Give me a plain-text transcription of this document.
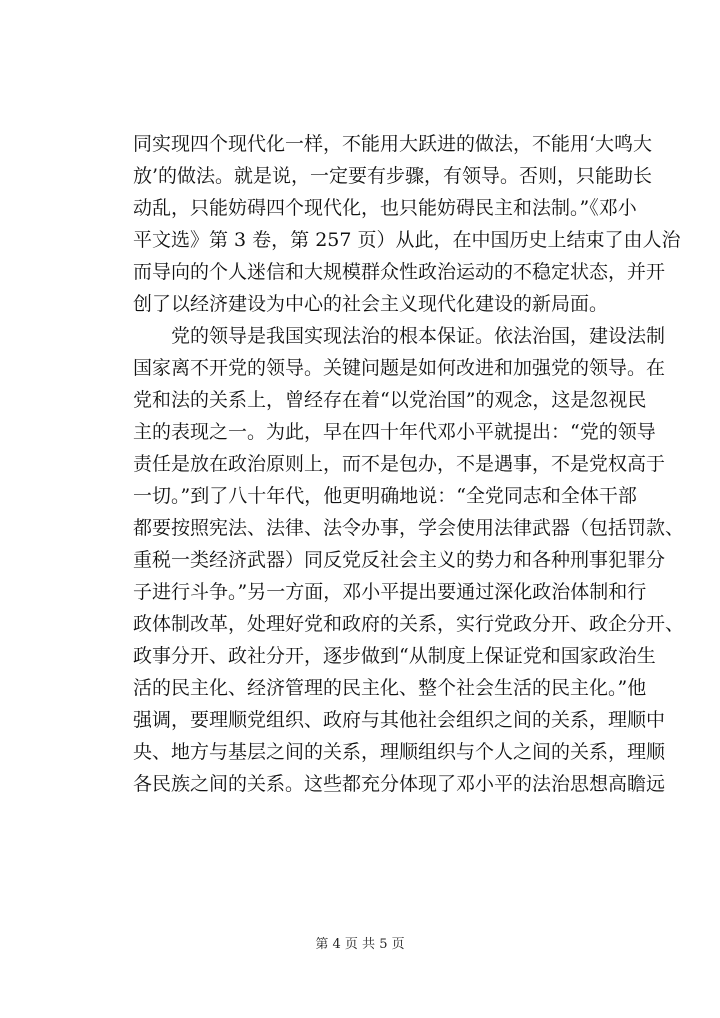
同实现四个现代化一样，不能用大跃进的做法，不能用‘大鸣大
放’的做法。就是说，一定要有步骤，有领导。否则，只能助长
动乱，只能妨碍四个现代化，也只能妨碍民主和法制。”《邓小
平文选》第 3 卷，第 257 页）从此，在中国历史上结束了由人治
而导向的个人迷信和大规模群众性政治运动的不稳定状态，并开
创了以经济建设为中心的社会主义现代化建设的新局面。
　　党的领导是我国实现法治的根本保证。依法治国，建设法制
国家离不开党的领导。关键问题是如何改进和加强党的领导。在
党和法的关系上，曾经存在着“以党治国”的观念，这是忽视民
主的表现之一。为此，早在四十年代邓小平就提出：“党的领导
责任是放在政治原则上，而不是包办，不是遇事，不是党权高于
一切。”到了八十年代，他更明确地说：“全党同志和全体干部
都要按照宪法、法律、法令办事，学会使用法律武器（包括罚款、
重税一类经济武器）同反党反社会主义的势力和各种刑事犯罪分
子进行斗争。”另一方面，邓小平提出要通过深化政治体制和行
政体制改革，处理好党和政府的关系，实行党政分开、政企分开、
政事分开、政社分开，逐步做到“从制度上保证党和国家政治生
活的民主化、经济管理的民主化、整个社会生活的民主化。”他
强调，要理顺党组织、政府与其他社会组织之间的关系，理顺中
央、地方与基层之间的关系，理顺组织与个人之间的关系，理顺
各民族之间的关系。这些都充分体现了邓小平的法治思想高瞻远
第 4 页 共 5 页
